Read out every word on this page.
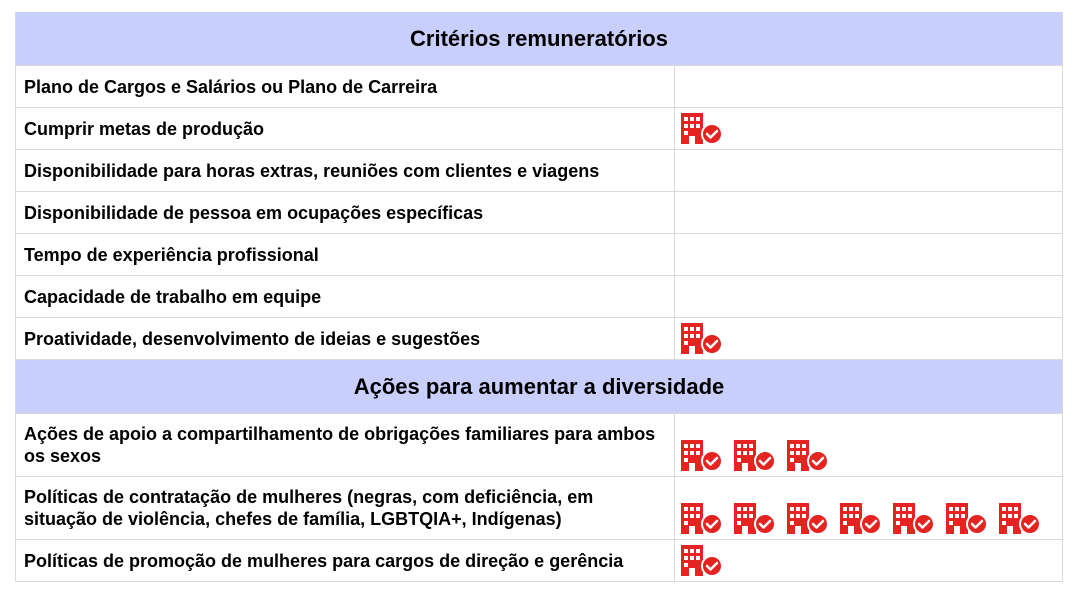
Critérios remuneratórios
Plano de Cargos e Salários ou Plano de Carreira
Cumprir metas de produção
Disponibilidade para horas extras, reuniões com clientes e viagens
Disponibilidade de pessoa em ocupações específicas
Tempo de experiência profissional
Capacidade de trabalho em equipe
Proatividade, desenvolvimento de ideias e sugestões
Ações para aumentar a diversidade
Ações de apoio a compartilhamento de obrigações familiares para ambos os sexos
Políticas de contratação de mulheres (negras, com deficiência, em situação de violência, chefes de família, LGBTQIA+, Indígenas)
Políticas de promoção de mulheres para cargos de direção e gerência
